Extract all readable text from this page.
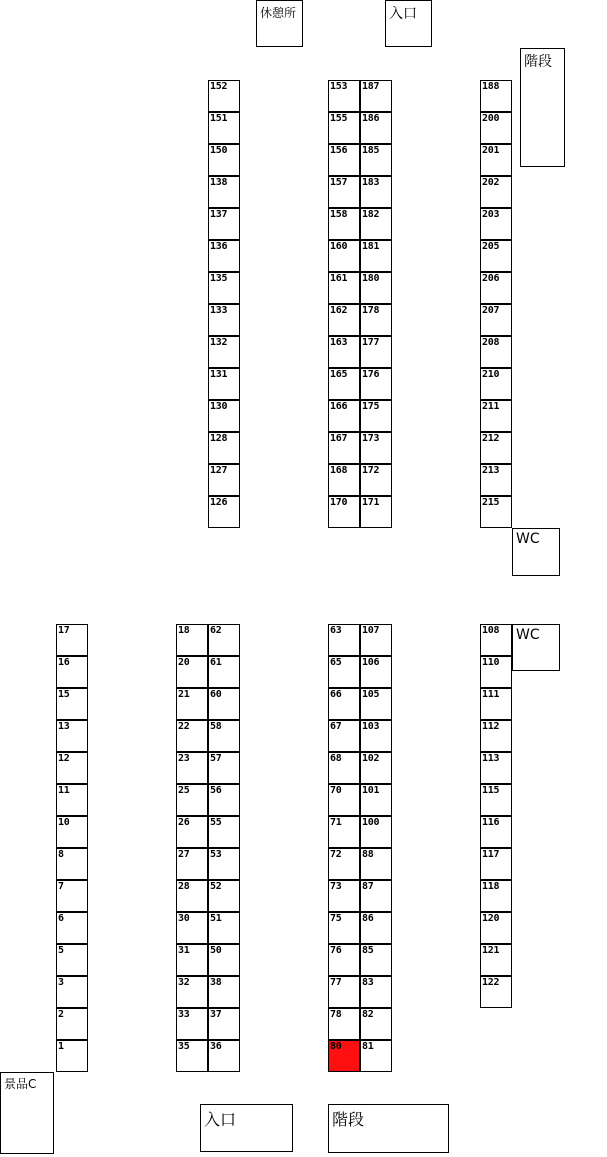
休憩所	入口
階段
WC
WC
景品C
入口	階段
152
151
150
138
137
136
135
133
132
131
130
128
127
126
153
155
156
157
158
160
161
162
163
165
166
167
168
170
187
186
185
183
182
181
180
178
177
176
175
173
172
171
188
200
201
202
203
205
206
207
208
210
211
212
213
215
17
16
15
13
12
11
10
8
7
6
5
3
2
1
18
20
21
22
23
25
26
27
28
30
31
32
33
35
62
61
60
58
57
56
55
53
52
51
50
38
37
36
63
65
66
67
68
70
71
72
73
75
76
77
78
80
107
106
105
103
102
101
100
88
87
86
85
83
82
81
108
110
111
112
113
115
116
117
118
120
121
122
